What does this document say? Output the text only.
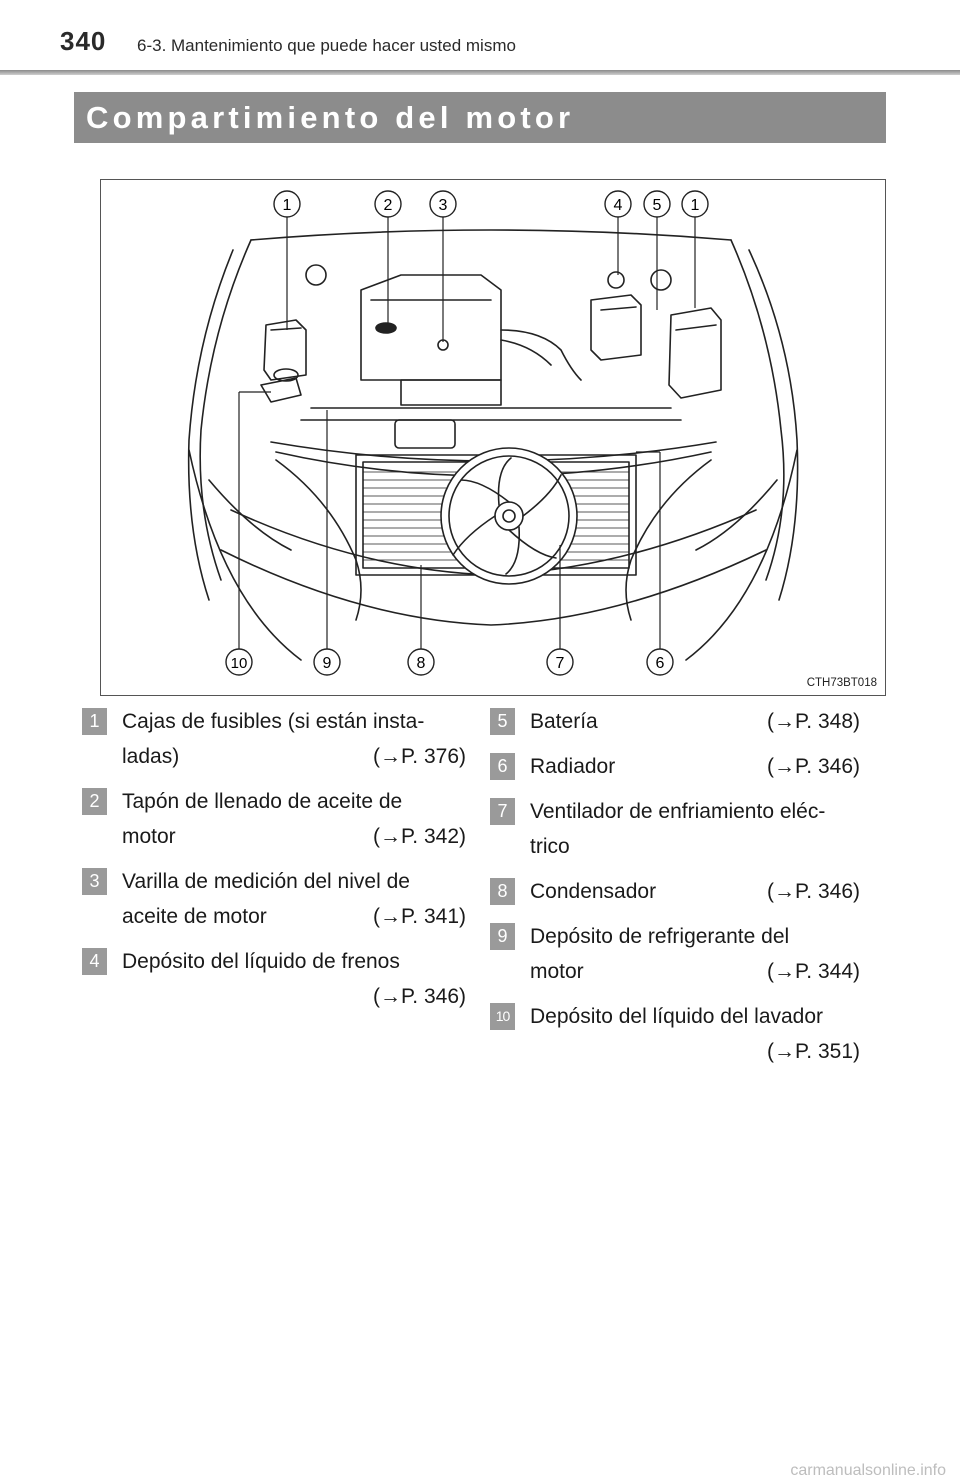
340 6-3. Mantenimiento que puede hacer usted mismo
Compartimiento del motor
1	2	3	4 5 1
10	9	8	7	6
CTH73BT018
1	Cajas de fusibles (si están insta-
ladas)	(→P. 376)
2	Tapón de llenado de aceite de
motor	(→P. 342)
3	Varilla de medición del nivel de
aceite de motor	(→P. 341)
4	Depósito del líquido de frenos
(→P. 346)
5	Batería	(→P. 348)
6	Radiador	(→P. 346)
7	Ventilador de enfriamiento eléc-
trico
8	Condensador	(→P. 346)
9	Depósito de refrigerante del
motor	(→P. 344)
10 Depósito del líquido del lavador
(→P. 351)
carmanualsonline.info
